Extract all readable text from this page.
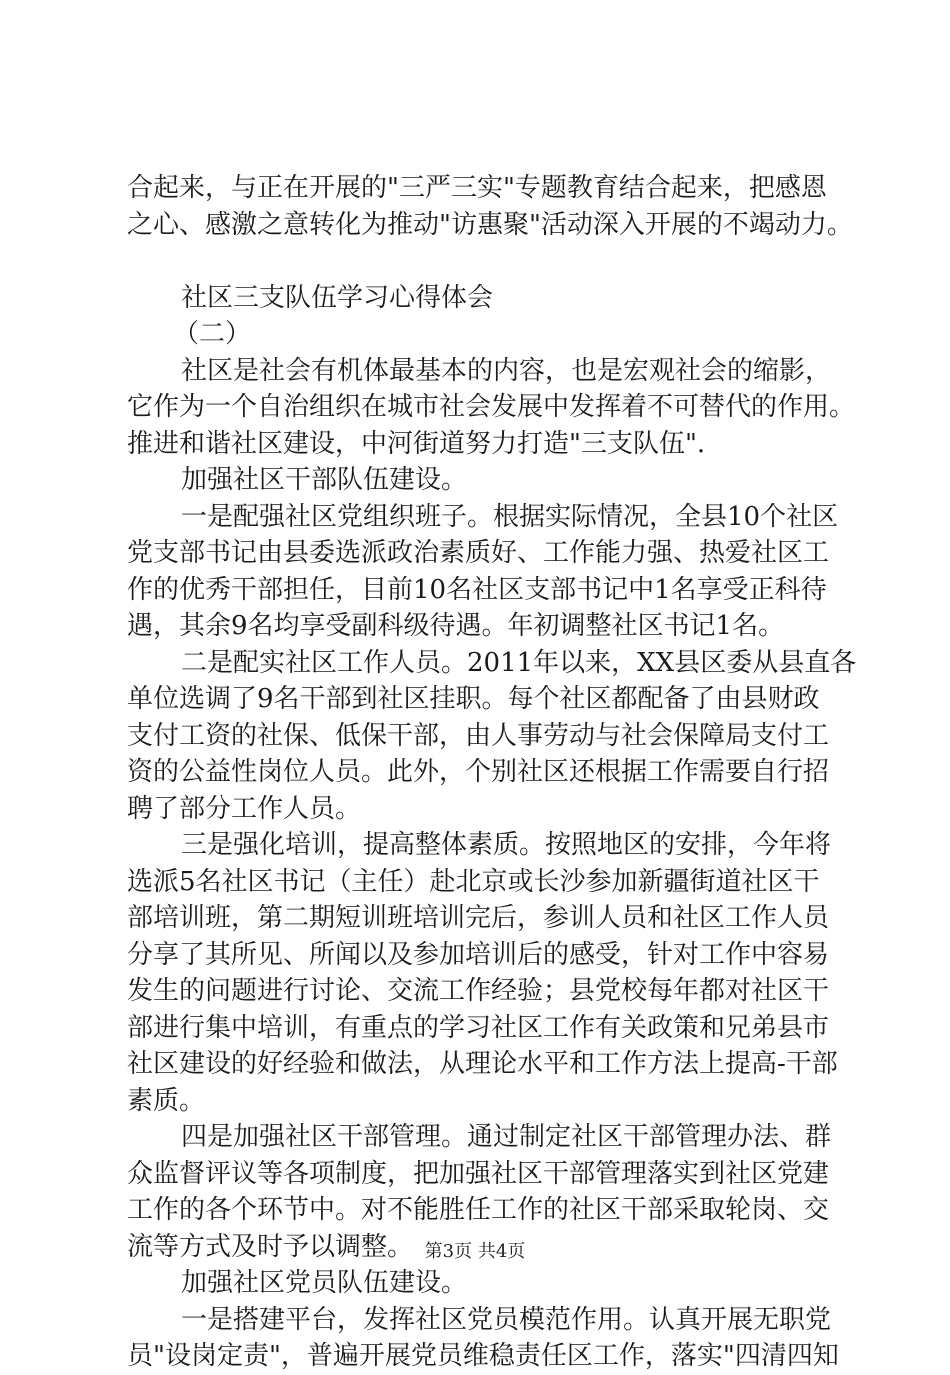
合起来，与正在开展的"三严三实"专题教育结合起来，把感恩
之心、感激之意转化为推动"访惠聚"活动深入开展的不竭动力。
社区三支队伍学习心得体会
（二）
社区是社会有机体最基本的内容，也是宏观社会的缩影，
它作为一个自治组织在城市社会发展中发挥着不可替代的作用。
推进和谐社区建设，中河街道努力打造"三支队伍".
加强社区干部队伍建设。
一是配强社区党组织班子。根据实际情况，全县10个社区
党支部书记由县委选派政治素质好、工作能力强、热爱社区工
作的优秀干部担任，目前10名社区支部书记中1名享受正科待
遇，其余9名均享受副科级待遇。年初调整社区书记1名。
二是配实社区工作人员。2011年以来，XX县区委从县直各
单位选调了9名干部到社区挂职。每个社区都配备了由县财政
支付工资的社保、低保干部，由人事劳动与社会保障局支付工
资的公益性岗位人员。此外，个别社区还根据工作需要自行招
聘了部分工作人员。
三是强化培训，提高整体素质。按照地区的安排，今年将
选派5名社区书记（主任）赴北京或长沙参加新疆街道社区干
部培训班，第二期短训班培训完后，参训人员和社区工作人员
分享了其所见、所闻以及参加培训后的感受，针对工作中容易
发生的问题进行讨论、交流工作经验；县党校每年都对社区干
部进行集中培训，有重点的学习社区工作有关政策和兄弟县市
社区建设的好经验和做法，从理论水平和工作方法上提高-干部
素质。
四是加强社区干部管理。通过制定社区干部管理办法、群
众监督评议等各项制度，把加强社区干部管理落实到社区党建
工作的各个环节中。对不能胜任工作的社区干部采取轮岗、交
流等方式及时予以调整。
加强社区党员队伍建设。
一是搭建平台，发挥社区党员模范作用。认真开展无职党
员"设岗定责"，普遍开展党员维稳责任区工作，落实"四清四知
第3页 共4页
